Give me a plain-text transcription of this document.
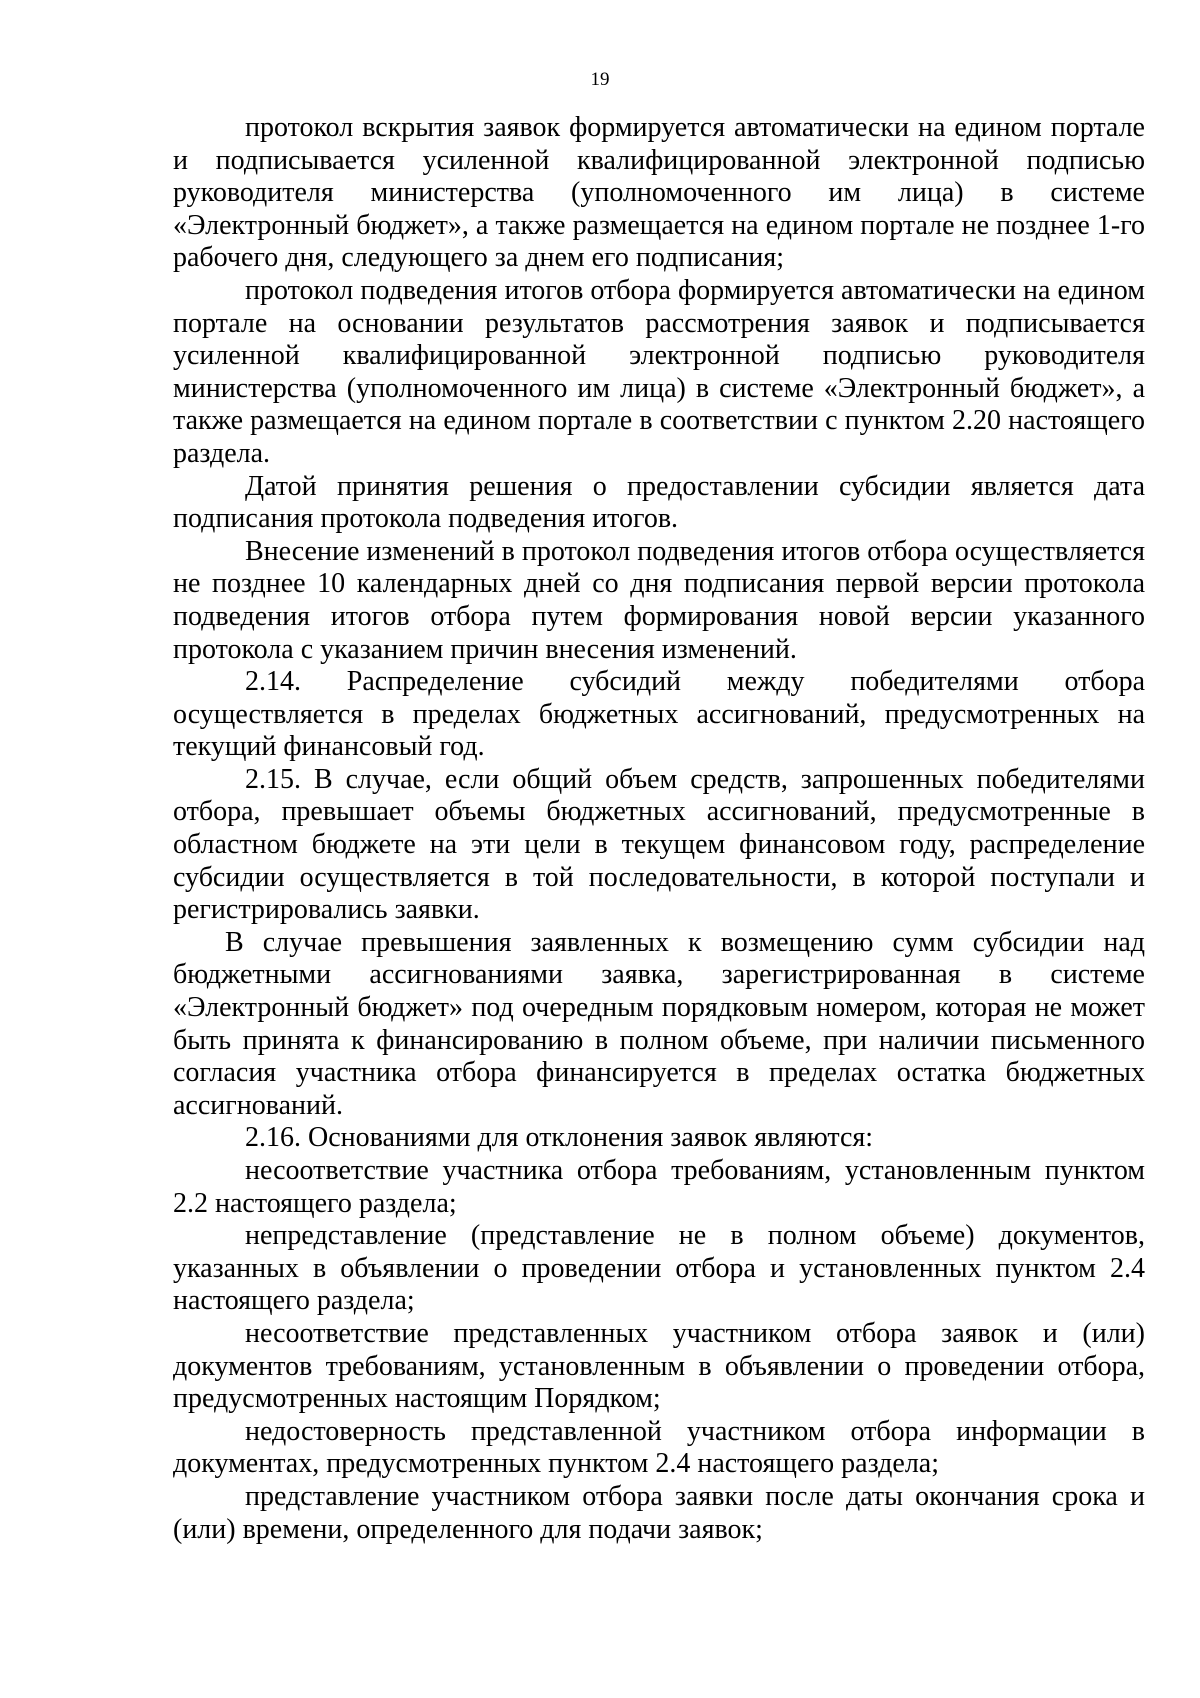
19

протокол вскрытия заявок формируется автоматически на едином портале и подписывается усиленной квалифицированной электронной подписью руководителя министерства (уполномоченного им лица) в системе «Электронный бюджет», а также размещается на едином портале не позднее 1-го рабочего дня, следующего за днем его подписания;

протокол подведения итогов отбора формируется автоматически на едином портале на основании результатов рассмотрения заявок и подписывается усиленной квалифицированной электронной подписью руководителя министерства (уполномоченного им лица) в системе «Электронный бюджет», а также размещается на едином портале в соответствии с пунктом 2.20 настоящего раздела.

Датой принятия решения о предоставлении субсидии является дата подписания протокола подведения итогов.

Внесение изменений в протокол подведения итогов отбора осуществляется не позднее 10 календарных дней со дня подписания первой версии протокола подведения итогов отбора путем формирования новой версии указанного протокола с указанием причин внесения изменений.

2.14. Распределение субсидий между победителями отбора осуществляется в пределах бюджетных ассигнований, предусмотренных на текущий финансовый год.

2.15. В случае, если общий объем средств, запрошенных победителями отбора, превышает объемы бюджетных ассигнований, предусмотренные в областном бюджете на эти цели в текущем финансовом году, распределение субсидии осуществляется в той последовательности, в которой поступали и регистрировались заявки.

В случае превышения заявленных к возмещению сумм субсидии над бюджетными ассигнованиями заявка, зарегистрированная в системе «Электронный бюджет» под очередным порядковым номером, которая не может быть принята к финансированию в полном объеме, при наличии письменного согласия участника отбора финансируется в пределах остатка бюджетных ассигнований.

2.16. Основаниями для отклонения заявок являются:

несоответствие участника отбора требованиям, установленным пунктом 2.2 настоящего раздела;

непредставление (представление не в полном объеме) документов, указанных в объявлении о проведении отбора и установленных пунктом 2.4 настоящего раздела;

несоответствие представленных участником отбора заявок и (или) документов требованиям, установленным в объявлении о проведении отбора, предусмотренных настоящим Порядком;

недостоверность представленной участником отбора информации в документах, предусмотренных пунктом 2.4 настоящего раздела;

представление участником отбора заявки после даты окончания срока и (или) времени, определенного для подачи заявок;
